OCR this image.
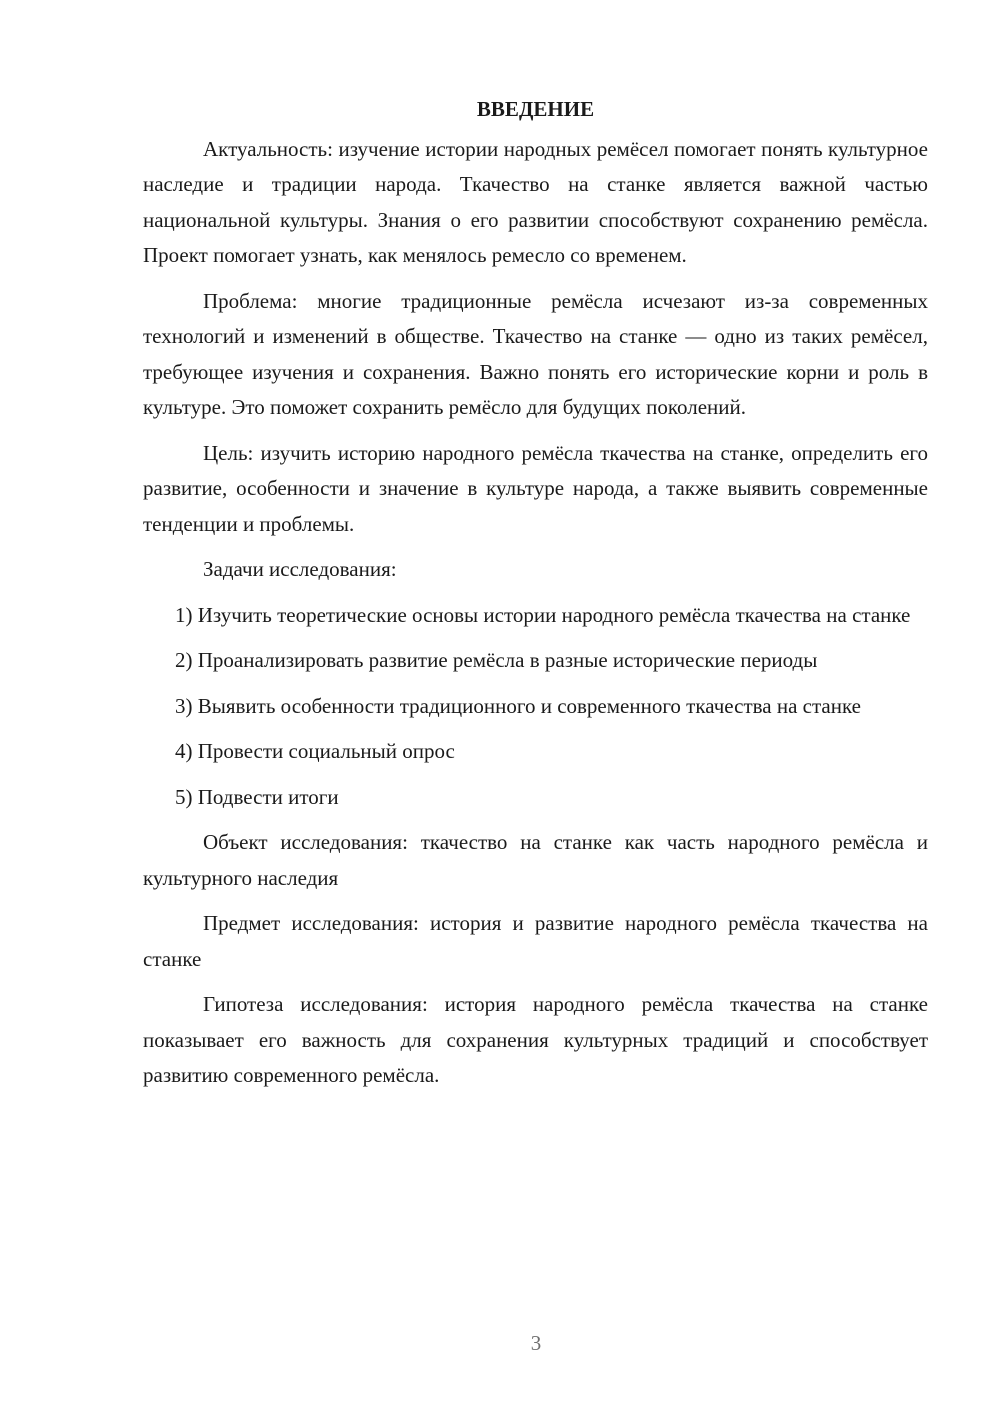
ВВЕДЕНИЕ

Актуальность: изучение истории народных ремёсел помогает понять культурное наследие и традиции народа. Ткачество на станке является важной частью национальной культуры. Знания о его развитии способствуют сохранению ремёсла. Проект помогает узнать, как менялось ремесло со временем.

Проблема: многие традиционные ремёсла исчезают из-за современных технологий и изменений в обществе. Ткачество на станке — одно из таких ремёсел, требующее изучения и сохранения. Важно понять его исторические корни и роль в культуре. Это поможет сохранить ремёсло для будущих поколений.

Цель: изучить историю народного ремёсла ткачества на станке, определить его развитие, особенности и значение в культуре народа, а также выявить современные тенденции и проблемы.

Задачи исследования:

1) Изучить теоретические основы истории народного ремёсла ткачества на станке

2) Проанализировать развитие ремёсла в разные исторические периоды

3) Выявить особенности традиционного и современного ткачества на станке

4) Провести социальный опрос

5) Подвести итоги

Объект исследования: ткачество на станке как часть народного ремёсла и культурного наследия

Предмет исследования: история и развитие народного ремёсла ткачества на станке

Гипотеза исследования: история народного ремёсла ткачества на станке показывает его важность для сохранения культурных традиций и способствует развитию современного ремёсла.

3
